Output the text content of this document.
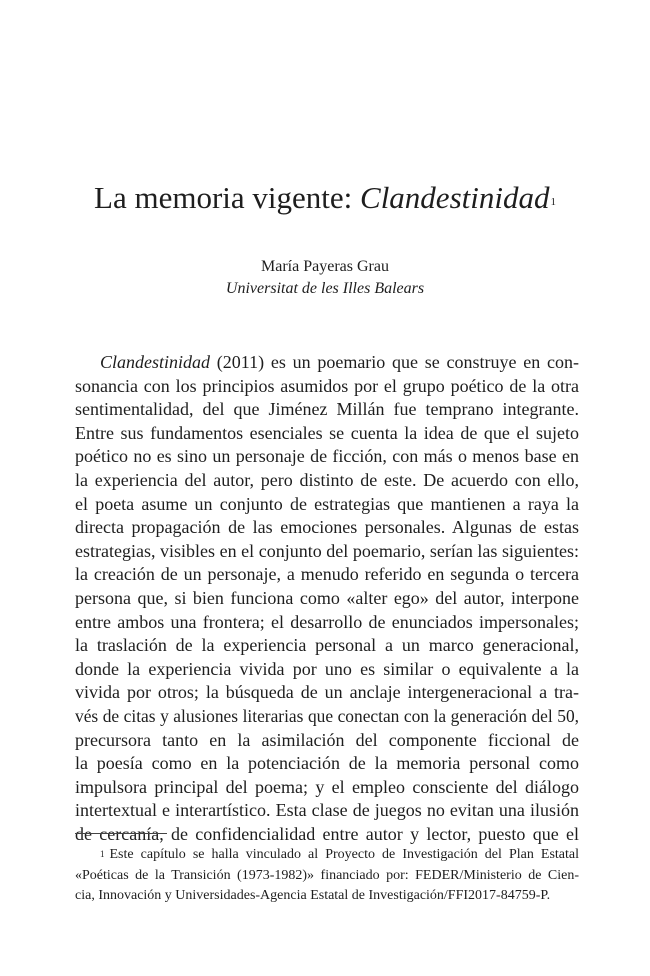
La memoria vigente: Clandestinidad$^1$
María Payeras Grau
Universitat de les Illes Balears
Clandestinidad (2011) es un poemario que se construye en con-
sonancia con los principios asumidos por el grupo poético de la otra
sentimentalidad, del que Jiménez Millán fue temprano integrante.
Entre sus fundamentos esenciales se cuenta la idea de que el sujeto
poético no es sino un personaje de ficción, con más o menos base en
la experiencia del autor, pero distinto de este. De acuerdo con ello,
el poeta asume un conjunto de estrategias que mantienen a raya la
directa propagación de las emociones personales. Algunas de estas
estrategias, visibles en el conjunto del poemario, serían las siguientes:
la creación de un personaje, a menudo referido en segunda o tercera
persona que, si bien funciona como «alter ego» del autor, interpone
entre ambos una frontera; el desarrollo de enunciados impersonales;
la traslación de la experiencia personal a un marco generacional,
donde la experiencia vivida por uno es similar o equivalente a la
vivida por otros; la búsqueda de un anclaje intergeneracional a tra-
vés de citas y alusiones literarias que conectan con la generación del 50,
precursora tanto en la asimilación del componente ficcional de
la poesía como en la potenciación de la memoria personal como
impulsora principal del poema; y el empleo consciente del diálogo
intertextual e interartístico. Esta clase de juegos no evitan una ilusión
de cercanía, de confidencialidad entre autor y lector, puesto que el
$^1$ Este capítulo se halla vinculado al Proyecto de Investigación del Plan Estatal
«Poéticas de la Transición (1973-1982)» financiado por: FEDER/Ministerio de Cien-
cia, Innovación y Universidades-Agencia Estatal de Investigación/FFI2017-84759-P.
